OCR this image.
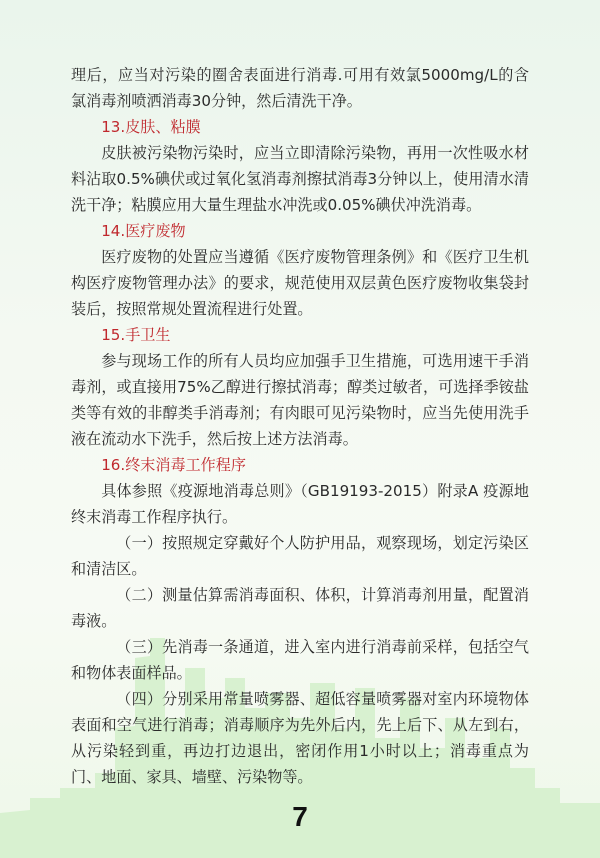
理后，应当对污染的圈舍表面进行消毒.可用有效氯5000mg/L的含氯消毒剂喷洒消毒30分钟，然后清洗干净。

13.皮肤、粘膜

皮肤被污染物污染时，应当立即清除污染物，再用一次性吸水材料沾取0.5%碘伏或过氧化氢消毒剂擦拭消毒3分钟以上，使用清水清洗干净；粘膜应用大量生理盐水冲洗或0.05%碘伏冲洗消毒。

14.医疗废物

医疗废物的处置应当遵循《医疗废物管理条例》和《医疗卫生机构医疗废物管理办法》的要求，规范使用双层黄色医疗废物收集袋封装后，按照常规处置流程进行处置。

15.手卫生

参与现场工作的所有人员均应加强手卫生措施，可选用速干手消毒剂，或直接用75%乙醇进行擦拭消毒；醇类过敏者，可选择季铵盐类等有效的非醇类手消毒剂；有肉眼可见污染物时，应当先使用洗手液在流动水下洗手，然后按上述方法消毒。

16.终末消毒工作程序

具体参照《疫源地消毒总则》（GB19193-2015）附录A 疫源地终末消毒工作程序执行。

（一）按照规定穿戴好个人防护用品，观察现场，划定污染区和清洁区。

（二）测量估算需消毒面积、体积，计算消毒剂用量，配置消毒液。

（三）先消毒一条通道，进入室内进行消毒前采样，包括空气和物体表面样品。

（四）分别采用常量喷雾器、超低容量喷雾器对室内环境物体表面和空气进行消毒；消毒顺序为先外后内，先上后下、从左到右，从污染轻到重，再边打边退出，密闭作用1小时以上；消毒重点为门、地面、家具、墙壁、污染物等。

7
